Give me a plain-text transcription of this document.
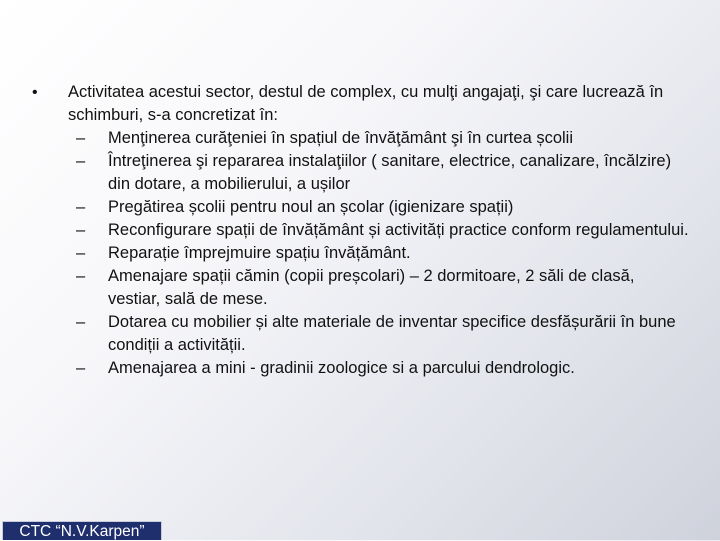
•	Activitatea acestui sector, destul de complex, cu mulţi angajaţi, şi care lucrează în schimburi, s-a concretizat în:
–	Menţinerea curăţeniei în spațiul de învăţământ şi în curtea școlii
–	Întreţinerea şi repararea instalaţiilor ( sanitare, electrice, canalizare, încălzire) din dotare, a mobilierului, a ușilor
–	Pregătirea școlii pentru noul an școlar (igienizare spații)
–	Reconfigurare spații de învățământ și activități practice conform regulamentului.
–	Reparație împrejmuire spațiu învățământ.
–	Amenajare spații cămin (copii preșcolari) – 2 dormitoare, 2 săli de clasă, vestiar, sală de mese.
–	Dotarea cu mobilier și alte materiale de inventar specifice desfășurării în bune condiții a activității.
–	Amenajarea a mini - gradinii zoologice si a parcului dendrologic.
CTC “N.V.Karpen”
